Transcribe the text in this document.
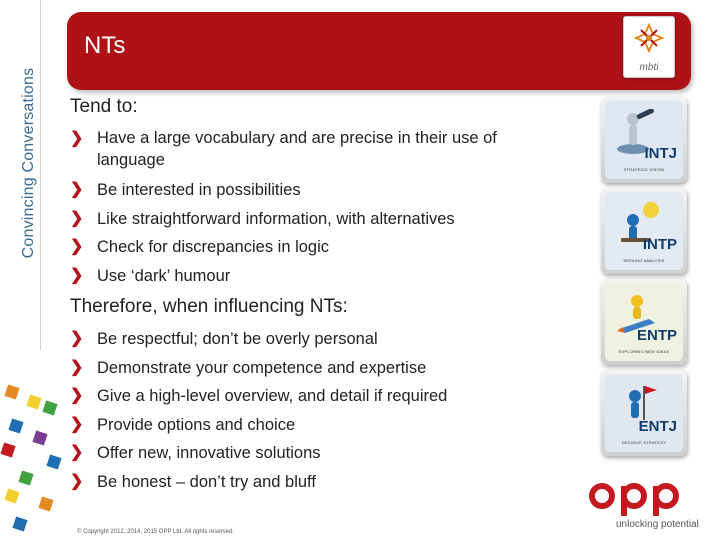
Convincing Conversations
NTs
mbti
Tend to:
❯ Have a large vocabulary and are precise in their use of language
❯ Be interested in possibilities
❯ Like straightforward information, with alternatives
❯ Check for discrepancies in logic
❯ Use ‘dark’ humour
Therefore, when influencing NTs:
❯ Be respectful; don’t be overly personal
❯ Demonstrate your competence and expertise
❯ Give a high-level overview, and detail if required
❯ Provide options and choice
❯ Offer new, innovative solutions
❯ Be honest – don’t try and bluff
INTJ
STRATEGIC VISION
INTP
SEEKING ANALYSIS
ENTP
EXPLORING NEW IDEAS
ENTJ
DECISIVE STRATEGY
© Copyright 2012, 2014, 2015 OPP Ltd. All rights reserved.
unlocking potential
